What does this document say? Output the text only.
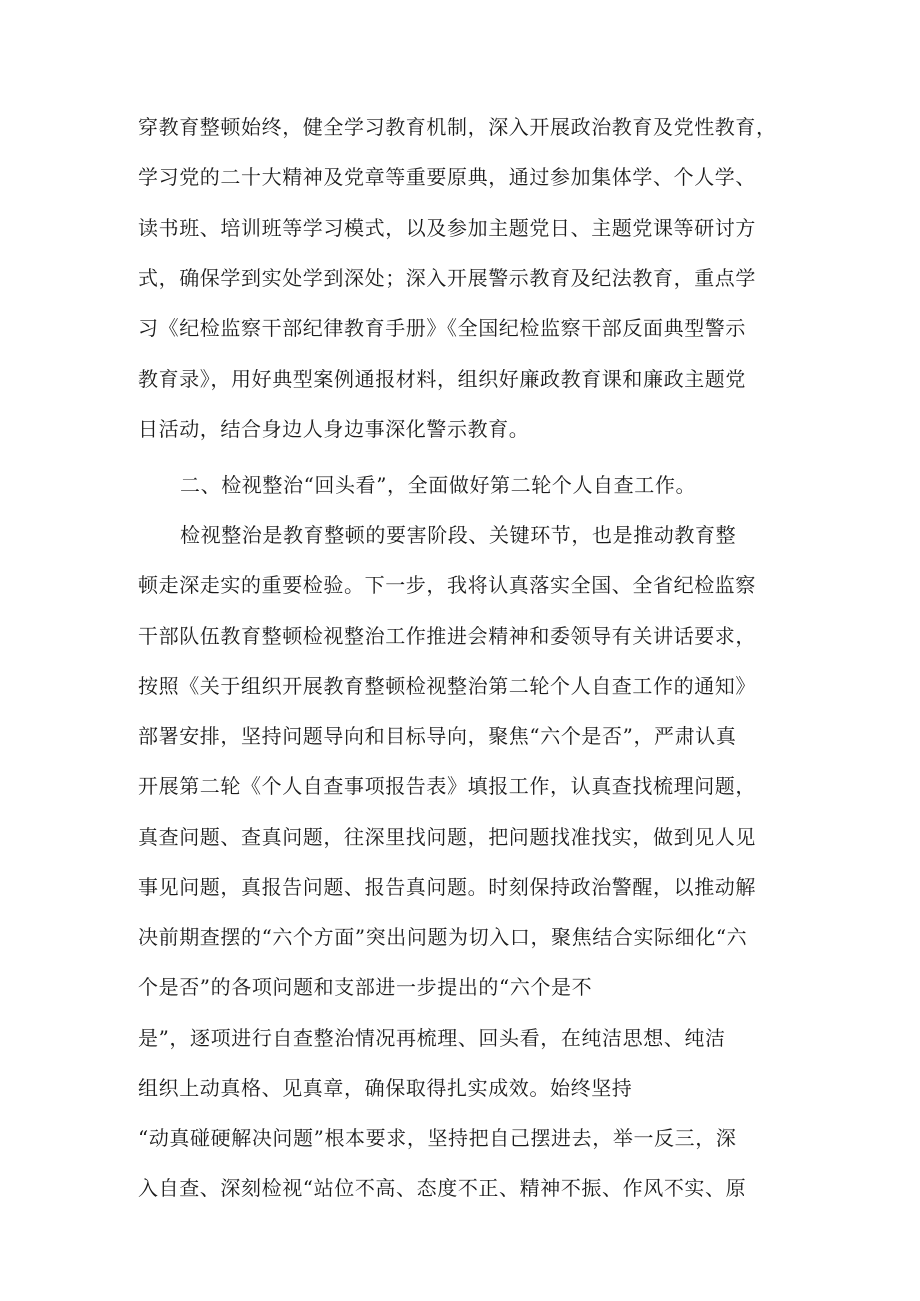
穿教育整顿始终，健全学习教育机制，深入开展政治教育及党性教育，
学习党的二十大精神及党章等重要原典，通过参加集体学、个人学、
读书班、培训班等学习模式，以及参加主题党日、主题党课等研讨方
式，确保学到实处学到深处；深入开展警示教育及纪法教育，重点学
习《纪检监察干部纪律教育手册》《全国纪检监察干部反面典型警示
教育录》，用好典型案例通报材料，组织好廉政教育课和廉政主题党
日活动，结合身边人身边事深化警示教育。
二、检视整治“回头看”，全面做好第二轮个人自查工作。
检视整治是教育整顿的要害阶段、关键环节，也是推动教育整
顿走深走实的重要检验。下一步，我将认真落实全国、全省纪检监察
干部队伍教育整顿检视整治工作推进会精神和委领导有关讲话要求，
按照《关于组织开展教育整顿检视整治第二轮个人自查工作的通知》
部署安排，坚持问题导向和目标导向，聚焦“六个是否”，严肃认真
开展第二轮《个人自查事项报告表》填报工作，认真查找梳理问题，
真查问题、查真问题，往深里找问题，把问题找准找实，做到见人见
事见问题，真报告问题、报告真问题。时刻保持政治警醒，以推动解
决前期查摆的“六个方面”突出问题为切入口，聚焦结合实际细化“六
个是否”的各项问题和支部进一步提出的“六个是不
是”，逐项进行自查整治情况再梳理、回头看，在纯洁思想、纯洁
组织上动真格、见真章，确保取得扎实成效。始终坚持
“动真碰硬解决问题”根本要求，坚持把自己摆进去，举一反三，深
入自查、深刻检视“站位不高、态度不正、精神不振、作风不实、原
